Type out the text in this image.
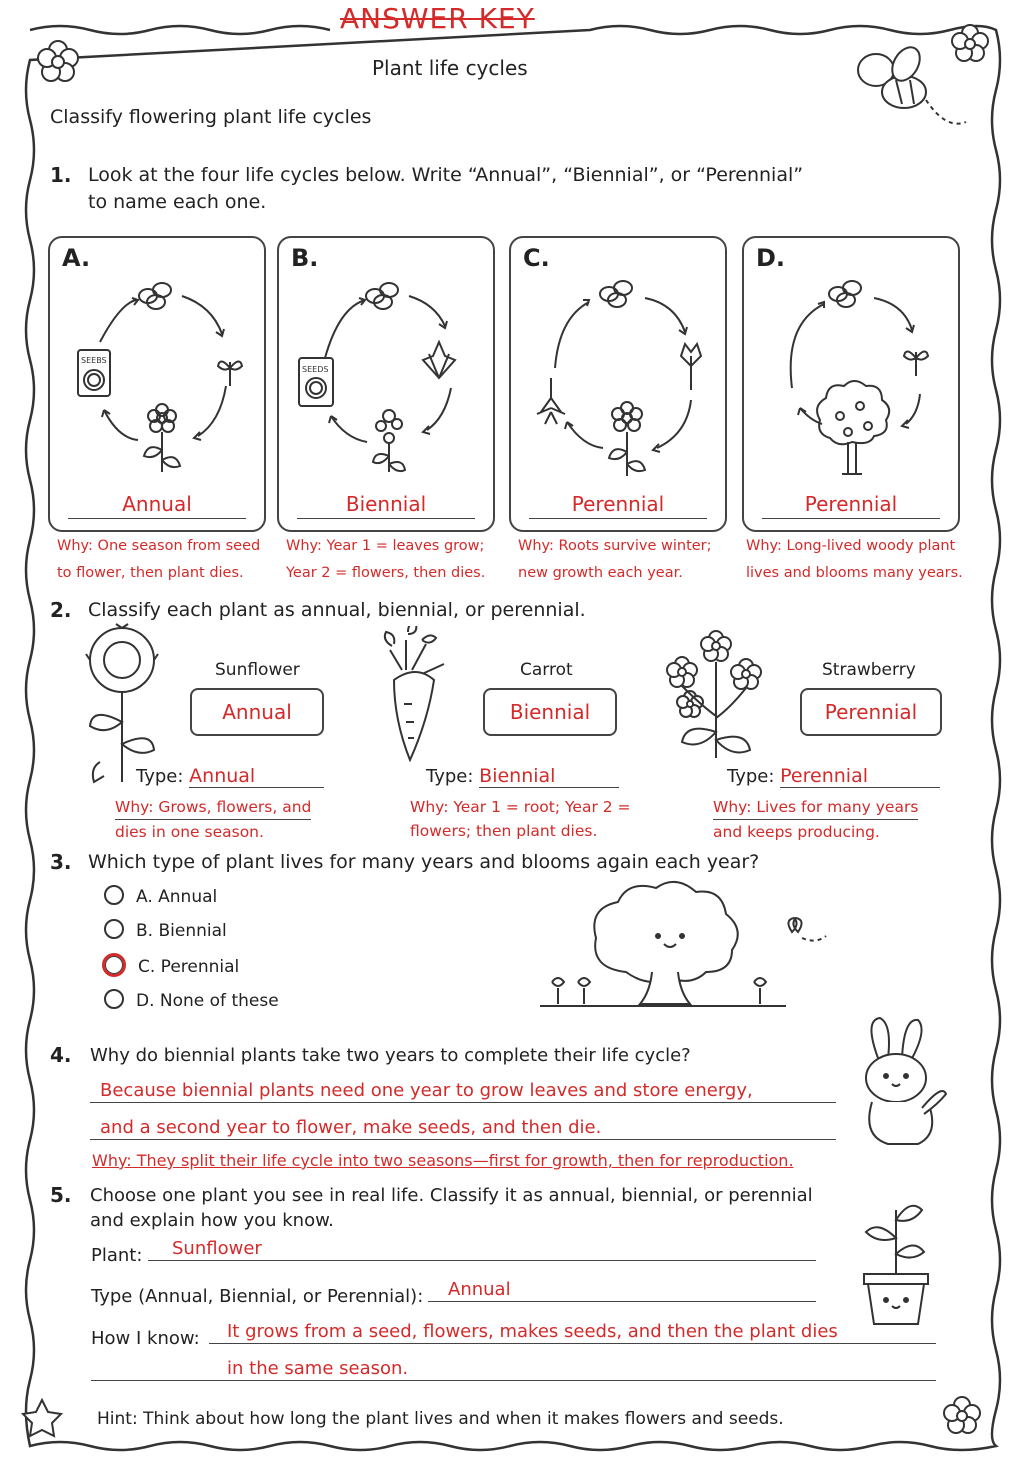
ANSWER KEY
Plant life cycles
Classify flowering plant life cycles
1. Look at the four life cycles below. Write “Annual”, “Biennial”, or “Perennial”
to name each one.
A.
SEEBS
Annual
B.
SEEDS
Biennial
C.
Perennial
D.
Perennial
Why: One season from seed
to flower, then plant dies.
Why: Year 1 = leaves grow;
Year 2 = flowers, then dies.
Why: Roots survive winter;
new growth each year.
Why: Long-lived woody plant
lives and blooms many years.
2. Classify each plant as annual, biennial, or perennial.
Sunflower
Annual
Type: Annual
Why: Grows, flowers, and
dies in one season.
Carrot
Biennial
Type: Biennial
Why: Year 1 = root; Year 2 =
flowers; then plant dies.
Strawberry
Perennial
Type: Perennial
Why: Lives for many years
and keeps producing.
3. Which type of plant lives for many years and blooms again each year?
A. Annual
B. Biennial
C. Perennial
D. None of these
4. Why do biennial plants take two years to complete their life cycle?
Because biennial plants need one year to grow leaves and store energy,
and a second year to flower, make seeds, and then die.
Why: They split their life cycle into two seasons—first for growth, then for reproduction.
5. Choose one plant you see in real life. Classify it as annual, biennial, or perennial
and explain how you know.
Plant:	Sunflower
Type (Annual, Biennial, or Perennial):	Annual
How I know:	It grows from a seed, flowers, makes seeds, and then the plant dies
in the same season.
Hint: Think about how long the plant lives and when it makes flowers and seeds.
